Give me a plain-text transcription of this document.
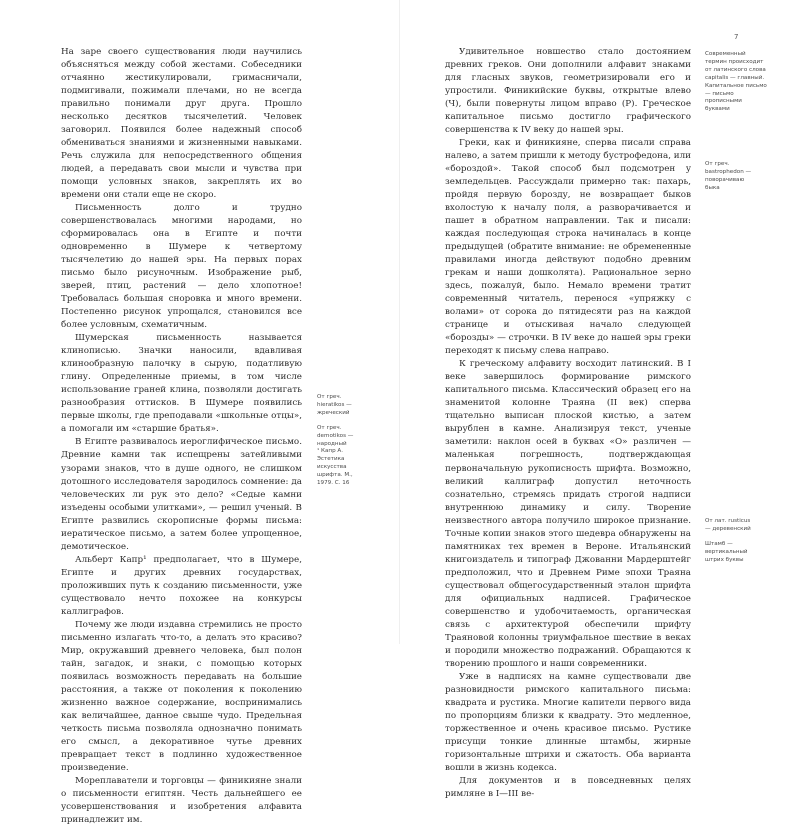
7

На заре своего существования люди научились объясняться между собой жестами. Собеседники отчаянно жестикулировали, гримасничали, подмигивали, пожимали плечами, но не всегда правильно понимали друг друга. Прошло несколько десятков тысячелетий. Человек заговорил. Появился более надежный способ обмениваться знаниями и жизненными навыками. Речь служила для непосредственного общения людей, а передавать свои мысли и чувства при помощи условных знаков, закреплять их во времени они стали еще не скоро.

Письменность долго и трудно совершенствовалась многими народами, но сформировалась она в Египте и почти одновременно в Шумере к четвертому тысячелетию до нашей эры. На первых порах письмо было рисуночным. Изображение рыб, зверей, птиц, растений — дело хлопотное! Требовалась большая сноровка и много времени. Постепенно рисунок упрощался, становился все более условным, схематичным.

Шумерская письменность называется клинописью. Значки наносили, вдавливая клинообразную палочку в сырую, податливую глину. Определенные приемы, в том числе использование граней клина, позволяли достигать разнообразия оттисков. В Шумере появились первые школы, где преподавали «школьные отцы», а помогали им «старшие братья».

В Египте развивалось иероглифическое письмо. Древние камни так испещрены затейливыми узорами знаков, что в душе одного, не слишком дотошного исследователя зародилось сомнение: да человеческих ли рук это дело? «Седые камни изъедены особыми улитками», — решил ученый. В Египте развились скорописные формы письма: иератическое письмо, а затем более упрощенное, демотическое.

Альберт Капр¹ предполагает, что в Шумере, Египте и других древних государствах, проложивших путь к созданию письменности, уже существовало нечто похожее на конкурсы каллиграфов.

Почему же люди издавна стремились не просто письменно излагать что-то, а делать это красиво? Мир, окружавший древнего человека, был полон тайн, загадок, и знаки, с помощью которых появилась возможность передавать на большие расстояния, а также от поколения к поколению жизненно важное содержание, воспринимались как величайшее, данное свыше чудо. Предельная четкость письма позволяла однозначно понимать его смысл, а декоративное чутье древних превращает текст в подлинно художественное произведение.

Мореплаватели и торговцы — финикияне знали о письменности египтян. Честь дальнейшего ее усовершенствования и изобретения алфавита принадлежит им.

От греч. hieratikos — жреческий

От греч. demotikos — народный

¹ Капр А. Эстетика искусства шрифта. М., 1979. С. 16

Удивительное новшество стало достоянием древних греков. Они дополнили алфавит знаками для гласных звуков, геометризировали его и упростили. Финикийские буквы, открытые влево (Ч), были повернуты лицом вправо (Р). Греческое капитальное письмо достигло графического совершенства к IV веку до нашей эры.

Греки, как и финикияне, сперва писали справа налево, а затем пришли к методу бустрофедона, или «бороздой». Такой способ был подсмотрен у земледельцев. Рассуждали примерно так: пахарь, пройдя первую борозду, не возвращает быков вхолостую к началу поля, а разворачивается и пашет в обратном направлении. Так и писали: каждая последующая строка начиналась в конце предыдущей (обратите внимание: не обремененные правилами иногда действуют подобно древним грекам и наши дошколята). Рациональное зерно здесь, пожалуй, было. Немало времени тратит современный читатель, перенося «упряжку с волами» от сорока до пятидесяти раз на каждой странице и отыскивая начало следующей «борозды» — строчки. В IV веке до нашей эры греки переходят к письму слева направо.

К греческому алфавиту восходит латинский. В I веке завершилось формирование римского капитального письма. Классический образец его на знаменитой колонне Траяна (II век) сперва тщательно выписан плоской кистью, а затем вырублен в камне. Анализируя текст, ученые заметили: наклон осей в буквах «О» различен — маленькая погрешность, подтверждающая первоначальную рукописность шрифта. Возможно, великий каллиграф допустил неточность сознательно, стремясь придать строгой надписи внутреннюю динамику и силу. Творение неизвестного автора получило широкое признание. Точные копии знаков этого шедевра обнаружены на памятниках тех времен в Вероне. Итальянский книгоиздатель и типограф Джованни Мардерштейг предположил, что и Древнем Риме эпохи Траяна существовал общегосударственный эталон шрифта для официальных надписей. Графическое совершенство и удобочитаемость, органическая связь с архитектурой обеспечили шрифту Траяновой колонны триумфальное шествие в веках и породили множество подражаний. Обращаются к творению прошлого и наши современники.

Уже в надписях на камне существовали две разновидности римского капитального письма: квадрата и рустика. Многие капители первого вида по пропорциям близки к квадрату. Это медленное, торжественное и очень красивое письмо. Рустике присущи тонкие длинные штамбы, жирные горизонтальные штрихи и сжатость. Оба варианта вошли в жизнь кодекса.

Для документов и в повседневных целях римляне в I—III ве-

Современный термин происходит от латинского слова capitalis — главный. Капитальное письмо — письмо прописными буквами

От греч. bastrophedon — поворачиваю быка

От лат. rusticus — деревенский

Штамб — вертикальный штрих буквы
